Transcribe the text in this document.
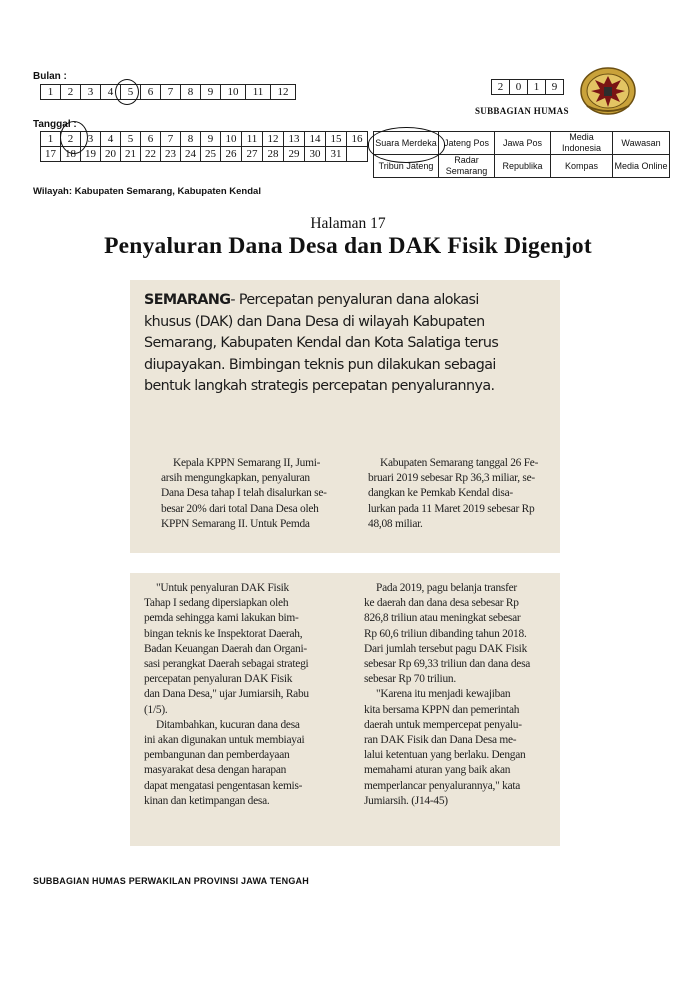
Bulan :
1	2	3	4	5	6	7	8	9	10	11	12
Tanggal :
1	2	3	4	5	6	7	8	9	10	11	12	13	14	15	16
17	18	19	20	21	22	23	24	25	26	27	28	29	30	31	
2	0	1	9
SUBBAGIAN HUMAS
Suara Merdeka	Jateng Pos	Jawa Pos	Media Indonesia	Wawasan
Tribun Jateng	Radar Semarang	Republika	Kompas	Media Online
Wilayah: Kabupaten Semarang, Kabupaten Kendal
Halaman 17
Penyaluran Dana Desa dan DAK Fisik Digenjot
SEMARANG- Percepatan penyaluran dana alokasi
khusus (DAK) dan Dana Desa di wilayah Kabupaten
Semarang, Kabupaten Kendal dan Kota Salatiga terus
diupayakan. Bimbingan teknis pun dilakukan sebagai
bentuk langkah strategis percepatan penyalurannya.
Kepala KPPN Semarang II, Jumi-
arsih mengungkapkan, penyaluran
Dana Desa tahap I telah disalurkan se-
besar 20% dari total Dana Desa oleh
KPPN Semarang II. Untuk Pemda
Kabupaten Semarang tanggal 26 Fe-
bruari 2019 sebesar Rp 36,3 miliar, se-
dangkan ke Pemkab Kendal disa-
lurkan pada 11 Maret 2019 sebesar Rp
48,08 miliar.
"Untuk penyaluran DAK Fisik
Tahap I sedang dipersiapkan oleh
pemda sehingga kami lakukan bim-
bingan teknis ke Inspektorat Daerah,
Badan Keuangan Daerah dan Organi-
sasi perangkat Daerah sebagai strategi
percepatan penyaluran DAK Fisik
dan Dana Desa," ujar Jumiarsih, Rabu
(1/5).
Ditambahkan, kucuran dana desa
ini akan digunakan untuk membiayai
pembangunan dan pemberdayaan
masyarakat desa dengan harapan
dapat mengatasi pengentasan kemis-
kinan dan ketimpangan desa.
Pada 2019, pagu belanja transfer
ke daerah dan dana desa sebesar Rp
826,8 triliun atau meningkat sebesar
Rp 60,6 triliun dibanding tahun 2018.
Dari jumlah tersebut pagu DAK Fisik
sebesar Rp 69,33 triliun dan dana desa
sebesar Rp 70 triliun.
"Karena itu menjadi kewajiban
kita bersama KPPN dan pemerintah
daerah untuk mempercepat penyalu-
ran DAK Fisik dan Dana Desa me-
lalui ketentuan yang berlaku. Dengan
memahami aturan yang baik akan
memperlancar penyalurannya," kata
Jumiarsih. (J14-45)
SUBBAGIAN HUMAS PERWAKILAN PROVINSI JAWA TENGAH
